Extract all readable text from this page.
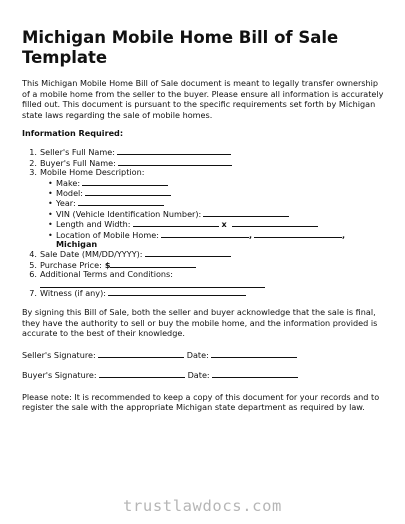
Michigan Mobile Home Bill of Sale Template

This Michigan Mobile Home Bill of Sale document is meant to legally transfer ownership of a mobile home from the seller to the buyer. Please ensure all information is accurately filled out. This document is pursuant to the specific requirements set forth by Michigan state laws regarding the sale of mobile homes.

Information Required:
1. Seller's Full Name:
2. Buyer's Full Name:
3. Mobile Home Description:
• Make:
• Model:
• Year:
• VIN (Vehicle Identification Number):
• Length and Width:	x
• Location of Mobile Home:	,	,
Michigan
4. Sale Date (MM/DD/YYYY):
5. Purchase Price: $
6. Additional Terms and Conditions:
7. Witness (if any):

By signing this Bill of Sale, both the seller and buyer acknowledge that the sale is final, they have the authority to sell or buy the mobile home, and the information provided is accurate to the best of their knowledge.

Seller's Signature:	Date:
Buyer's Signature:	Date:

Please note: It is recommended to keep a copy of this document for your records and to register the sale with the appropriate Michigan state department as required by law.

trustlawdocs.com
